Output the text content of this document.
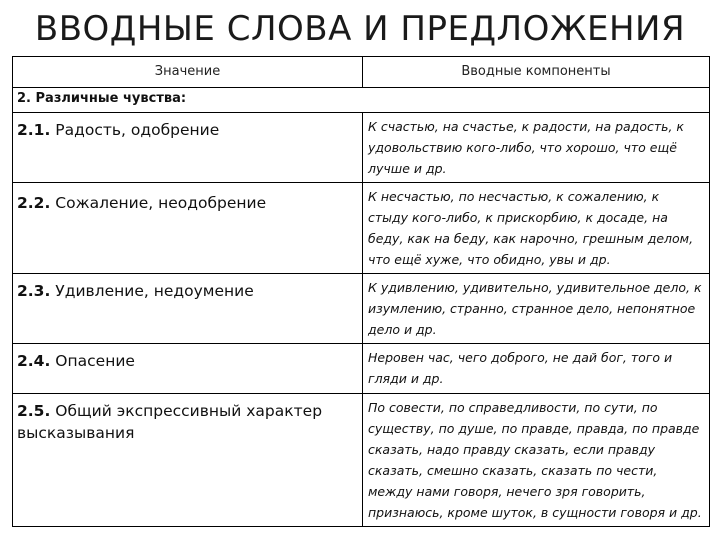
ВВОДНЫЕ СЛОВА И ПРЕДЛОЖЕНИЯ
Значение	Вводные компоненты
2. Различные чувства:	
2.1. Радость, одобрение	К счастью, на счастье, к радости, на радость, к удовольствию кого-либо, что хорошо, что ещё лучше и др.
2.2. Сожаление, неодобрение	К несчастью, по несчастью, к сожалению, к стыду кого-либо, к прискорбию, к досаде, на беду, как на беду, как нарочно, грешным делом, что ещё хуже, что обидно, увы и др.
2.3. Удивление, недоумение	К удивлению, удивительно, удивительное дело, к изумлению, странно, странное дело, непонятное дело и др.
2.4. Опасение	Неровен час, чего доброго, не дай бог, того и гляди и др.
2.5. Общий экспрессивный характер высказывания	По совести, по справедливости, по сути, по существу, по душе, по правде, правда, по правде сказать, надо правду сказать, если правду сказать, смешно сказать, сказать по чести, между нами говоря, нечего зря говорить, признаюсь, кроме шуток, в сущности говоря и др.
